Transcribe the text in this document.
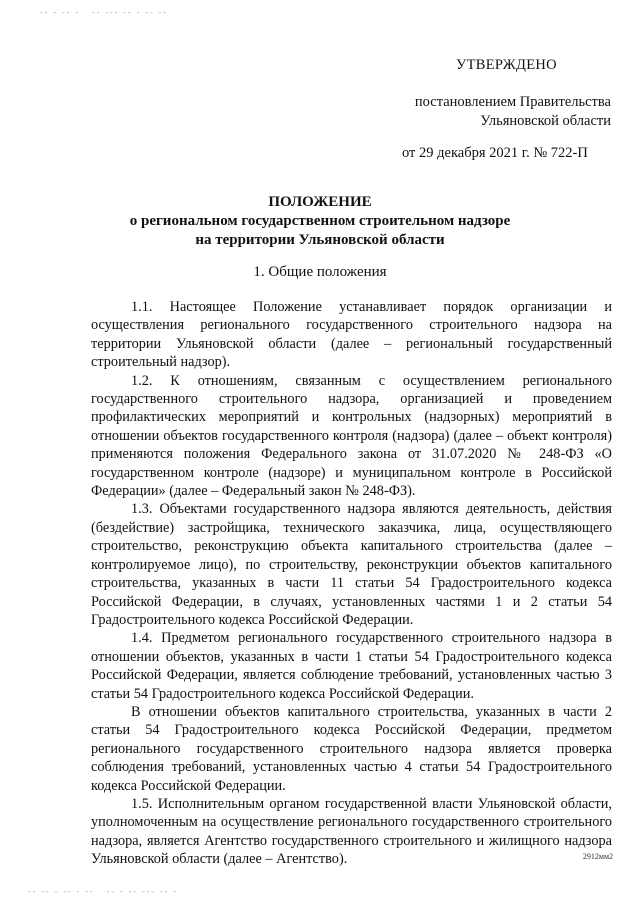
-- - -- -   -- --- -- - -- --
УТВЕРЖДЕНО
постановлением Правительства
Ульяновской области
от 29 декабря 2021 г. № 722-П
ПОЛОЖЕНИЕ
о региональном государственном строительном надзоре
на территории Ульяновской области
1. Общие положения

1.1. Настоящее Положение устанавливает порядок организации и осуществления регионального государственного строительного надзора на территории Ульяновской области (далее – региональный государственный строительный надзор).

1.2. К отношениям, связанным с осуществлением регионального государственного строительного надзора, организацией и проведением профилактических мероприятий и контрольных (надзорных) мероприятий в отношении объектов государственного контроля (надзора) (далее – объект контроля) применяются положения Федерального закона от 31.07.2020 № 248-ФЗ «О государственном контроле (надзоре) и муниципальном контроле в Российской Федерации» (далее – Федеральный закон № 248-ФЗ).

1.3. Объектами государственного надзора являются деятельность, действия (бездействие) застройщика, технического заказчика, лица, осуществляющего строительство, реконструкцию объекта капитального строительства (далее – контролируемое лицо), по строительству, реконструкции объектов капитального строительства, указанных в части 11 статьи 54 Градостроительного кодекса Российской Федерации, в случаях, установленных частями 1 и 2 статьи 54 Градостроительного кодекса Российской Федерации.

1.4. Предметом регионального государственного строительного надзора в отношении объектов, указанных в части 1 статьи 54 Градостроительного кодекса Российской Федерации, является соблюдение требований, установленных частью 3 статьи 54 Градостроительного кодекса Российской Федерации.

В отношении объектов капитального строительства, указанных в части 2 статьи 54 Градостроительного кодекса Российской Федерации, предметом регионального государственного строительного надзора является проверка соблюдения требований, установленных частью 4 статьи 54 Градостроительного кодекса Российской Федерации.

1.5. Исполнительным органом государственной власти Ульяновской области, уполномоченным на осуществление регионального государственного строительного надзора, является Агентство государственного строительного и жилищного надзора Ульяновской области (далее – Агентство).	2912мм2
-- -- - -- - --   -- - -- --- -- -
